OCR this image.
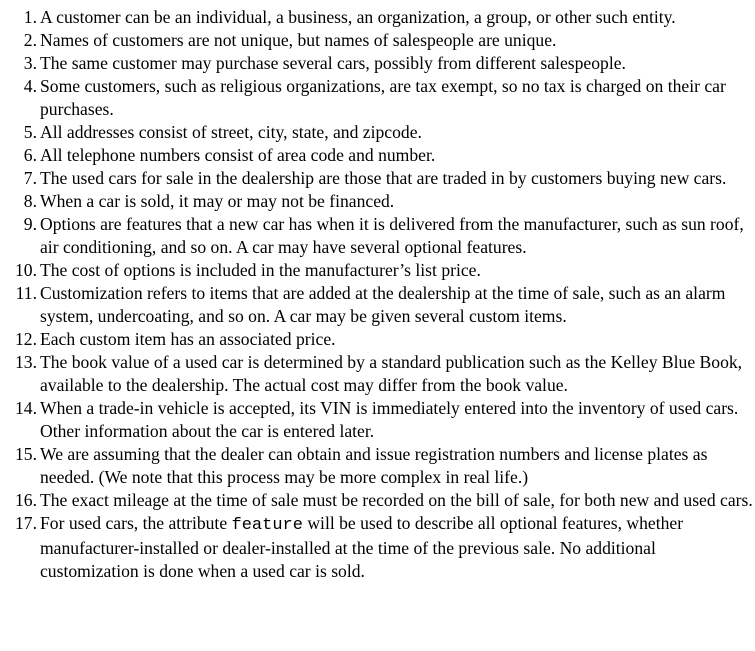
1. A customer can be an individual, a business, an organization, a group, or other such entity.
2. Names of customers are not unique, but names of salespeople are unique.
3. The same customer may purchase several cars, possibly from different salespeople.
4. Some customers, such as religious organizations, are tax exempt, so no tax is charged on their car purchases.
5. All addresses consist of street, city, state, and zipcode.
6. All telephone numbers consist of area code and number.
7. The used cars for sale in the dealership are those that are traded in by customers buying new cars.
8. When a car is sold, it may or may not be financed.
9. Options are features that a new car has when it is delivered from the manufacturer, such as sun roof, air conditioning, and so on. A car may have several optional features.
10. The cost of options is included in the manufacturer’s list price.
11. Customization refers to items that are added at the dealership at the time of sale, such as an alarm system, undercoating, and so on. A car may be given several custom items.
12. Each custom item has an associated price.
13. The book value of a used car is determined by a standard publication such as the Kelley Blue Book, available to the dealership. The actual cost may differ from the book value.
14. When a trade-in vehicle is accepted, its VIN is immediately entered into the inventory of used cars. Other information about the car is entered later.
15. We are assuming that the dealer can obtain and issue registration numbers and license plates as needed. (We note that this process may be more complex in real life.)
16. The exact mileage at the time of sale must be recorded on the bill of sale, for both new and used cars.
17. For used cars, the attribute feature will be used to describe all optional features, whether manufacturer-installed or dealer-installed at the time of the previous sale. No additional customization is done when a used car is sold.
